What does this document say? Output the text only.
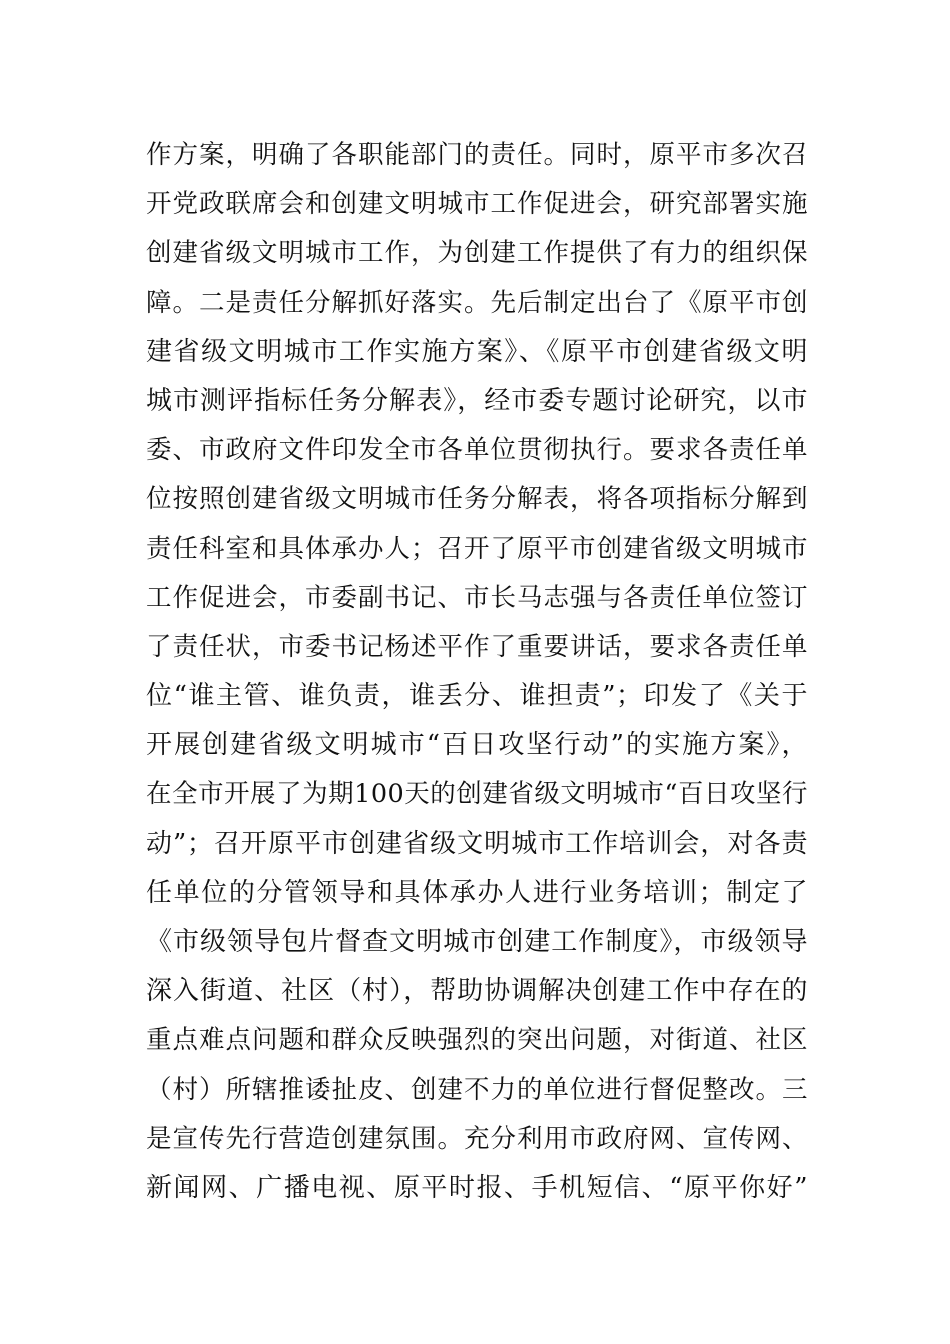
作方案，明确了各职能部门的责任。同时，原平市多次召
开党政联席会和创建文明城市工作促进会，研究部署实施
创建省级文明城市工作，为创建工作提供了有力的组织保
障。二是责任分解抓好落实。先后制定出台了《原平市创
建省级文明城市工作实施方案》、《原平市创建省级文明
城市测评指标任务分解表》，经市委专题讨论研究，以市
委、市政府文件印发全市各单位贯彻执行。要求各责任单
位按照创建省级文明城市任务分解表，将各项指标分解到
责任科室和具体承办人；召开了原平市创建省级文明城市
工作促进会，市委副书记、市长马志强与各责任单位签订
了责任状，市委书记杨述平作了重要讲话，要求各责任单
位“谁主管、谁负责，谁丢分、谁担责”；印发了《关于
开展创建省级文明城市“百日攻坚行动”的实施方案》，
在全市开展了为期100天的创建省级文明城市“百日攻坚行
动”；召开原平市创建省级文明城市工作培训会，对各责
任单位的分管领导和具体承办人进行业务培训；制定了
《市级领导包片督查文明城市创建工作制度》，市级领导
深入街道、社区（村），帮助协调解决创建工作中存在的
重点难点问题和群众反映强烈的突出问题，对街道、社区
（村）所辖推诿扯皮、创建不力的单位进行督促整改。三
是宣传先行营造创建氛围。充分利用市政府网、宣传网、
新闻网、广播电视、原平时报、手机短信、“原平你好”
